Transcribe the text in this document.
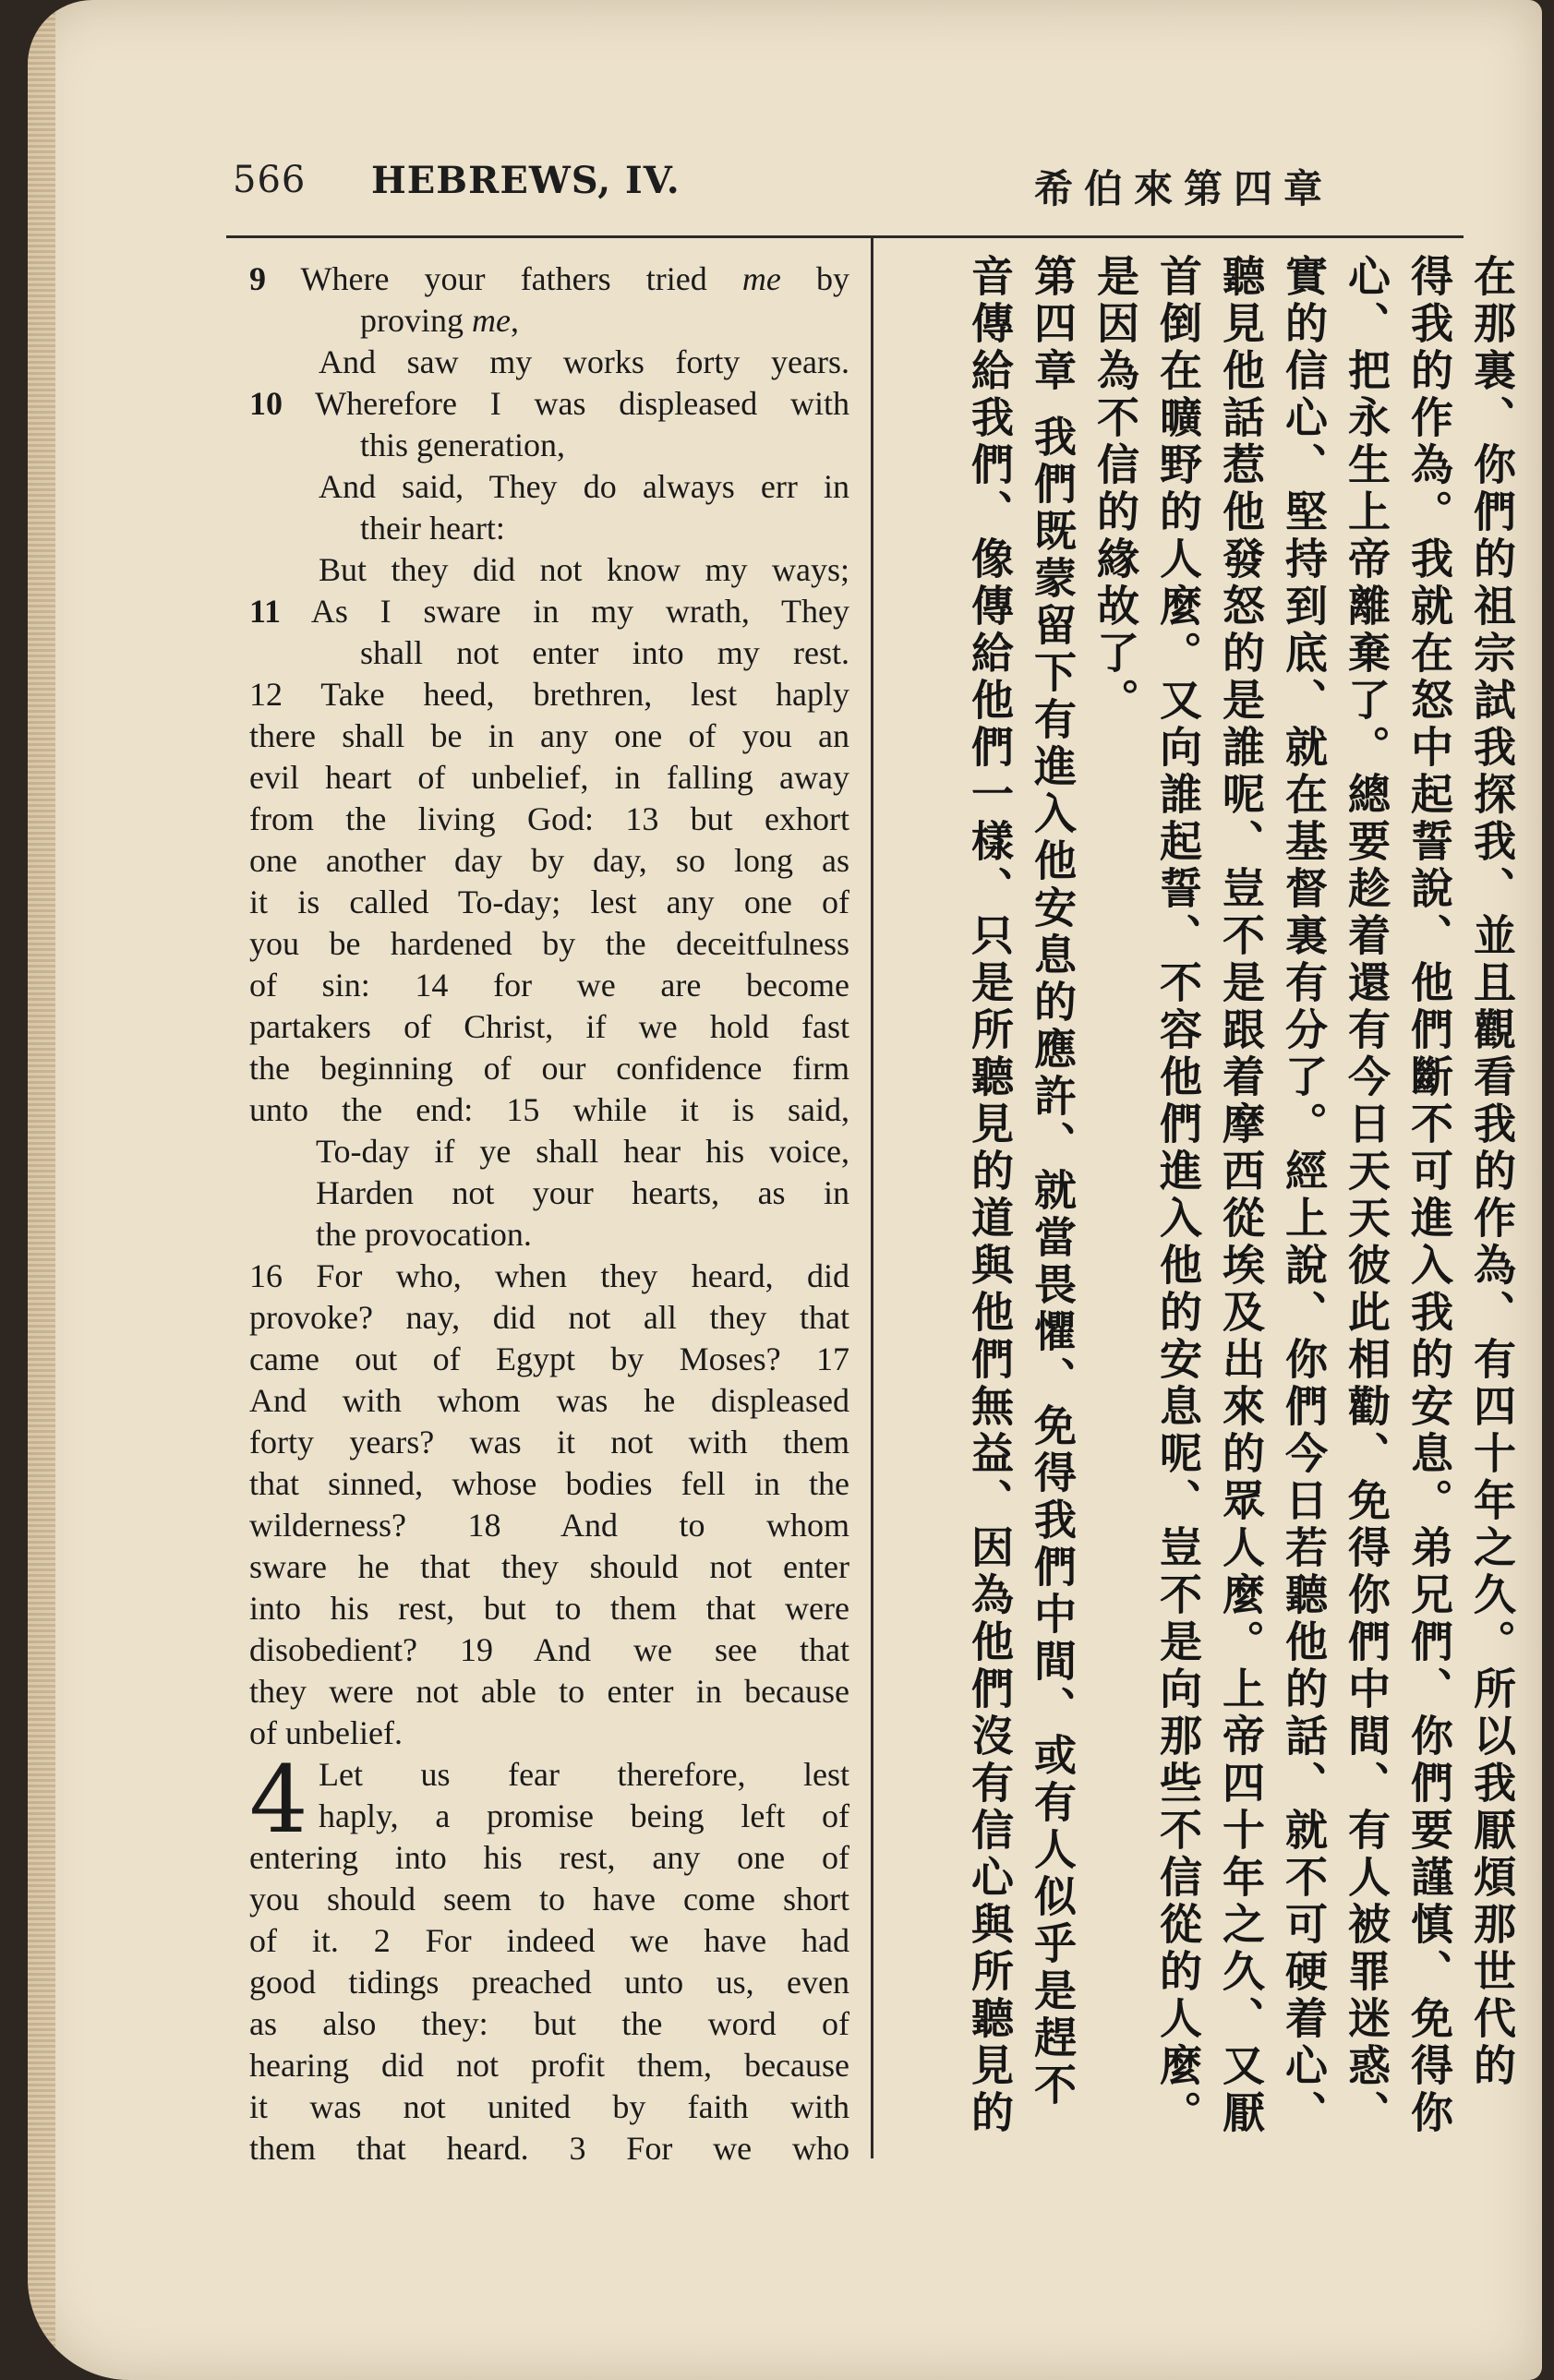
566 HEBREWS, IV.	希伯來第四章
9 Where your fathers tried me by
proving me,
And saw my works forty years.
10 Wherefore I was displeased with
this generation,
And said, They do always err in
their heart:
But they did not know my ways;
11 As I sware in my wrath, They
shall not enter into my rest.
12 Take heed, brethren, lest haply
there shall be in any one of you an
evil heart of unbelief, in falling away
from the living God: 13 but exhort
one another day by day, so long as
it is called To-day; lest any one of
you be hardened by the deceitfulness
of sin: 14 for we are become
partakers of Christ, if we hold fast
the beginning of our confidence firm
unto the end: 15 while it is said,
To-day if ye shall hear his voice,
Harden not your hearts, as in
the provocation.
16 For who, when they heard, did
provoke? nay, did not all they that
came out of Egypt by Moses? 17
And with whom was he displeased
forty years? was it not with them
that sinned, whose bodies fell in the
wilderness? 18 And to whom
sware he that they should not enter
into his rest, but to them that were
disobedient? 19 And we see that
they were not able to enter in because
of unbelief.
4 Let us fear therefore, lest
haply, a promise being left of
entering into his rest, any one of
you should seem to have come short
of it. 2 For indeed we have had
good tidings preached unto us, even
as also they: but the word of
hearing did not profit them, because
it was not united by faith with
them that heard. 3 For we who
在那裏、你們的祖宗試我探我、並且觀看我的作為、有四十年之久。所以我厭煩那世代的得我的作為。我就在怒中起誓說、他們斷不可進入我的安息。弟兄們、你們要謹慎、免得你心、把永生上帝離棄了。總要趁着還有今日天天彼此相勸、免得你們中間、有人被罪迷惑、實的信心、堅持到底、就在基督裏有分了。經上說、你們今日若聽他的話、就不可硬着心、聽見他話惹他發怒的是誰呢、豈不是跟着摩西從埃及出來的眾人麼。上帝四十年之久、又厭首倒在曠野的人麼。又向誰起誓、不容他們進入他的安息呢、豈不是向那些不信從的人麼。是因為不信的緣故了。第四章 我們既蒙留下有進入他安息的應許、就當畏懼、免得我們中間、或有人似乎是趕不音傳給我們、像傳給他們一樣、只是所聽見的道與他們無益、因為他們沒有信心與所聽見的
